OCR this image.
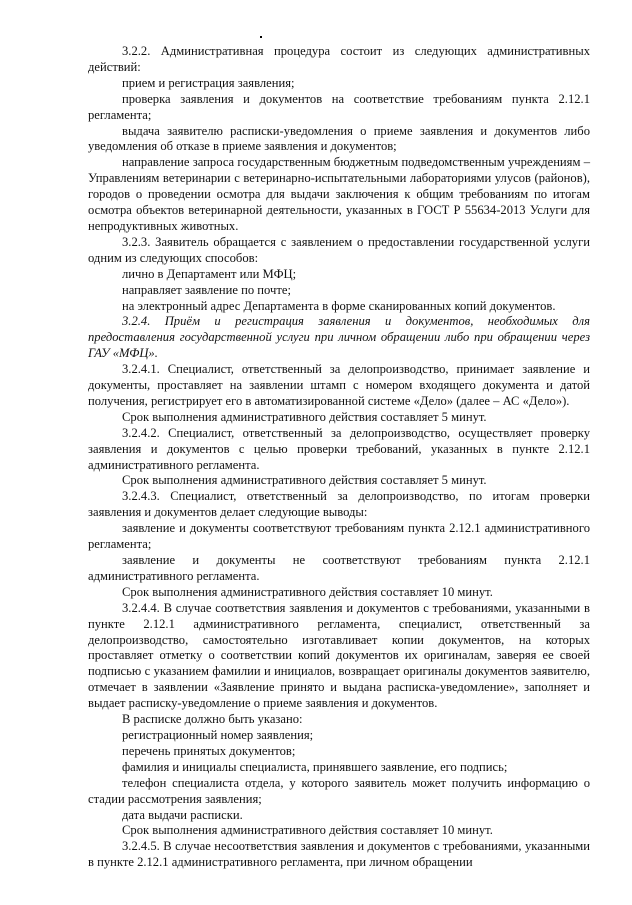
3.2.2. Административная процедура состоит из следующих административных действий:

прием и регистрация заявления;

проверка заявления и документов на соответствие требованиям пункта 2.12.1 регламента;

выдача заявителю расписки-уведомления о приеме заявления и документов либо уведомления об отказе в приеме заявления и документов;

направление запроса государственным бюджетным подведомственным учреждениям – Управлениям ветеринарии с ветеринарно-испытательными лабораториями улусов (районов), городов о проведении осмотра для выдачи заключения к общим требованиям по итогам осмотра объектов ветеринарной деятельности, указанных в ГОСТ Р 55634-2013 Услуги для непродуктивных животных.

3.2.3. Заявитель обращается с заявлением о предоставлении государственной услуги одним из следующих способов:

лично в Департамент или МФЦ;

направляет заявление по почте;

на электронный адрес Департамента в форме сканированных копий документов.

3.2.4. Приём и регистрация заявления и документов, необходимых для предоставления государственной услуги при личном обращении либо при обращении через ГАУ «МФЦ».

3.2.4.1. Специалист, ответственный за делопроизводство, принимает заявление и документы, проставляет на заявлении штамп с номером входящего документа и датой получения, регистрирует его в автоматизированной системе «Дело» (далее – АС «Дело»).

Срок выполнения административного действия составляет 5 минут.

3.2.4.2. Специалист, ответственный за делопроизводство, осуществляет проверку заявления и документов с целью проверки требований, указанных в пункте 2.12.1 административного регламента.

Срок выполнения административного действия составляет 5 минут.

3.2.4.3. Специалист, ответственный за делопроизводство, по итогам проверки заявления и документов делает следующие выводы:

заявление и документы соответствуют требованиям пункта 2.12.1 административного регламента;

заявление и документы не соответствуют требованиям пункта 2.12.1 административного регламента.

Срок выполнения административного действия составляет 10 минут.

3.2.4.4. В случае соответствия заявления и документов с требованиями, указанными в пункте 2.12.1 административного регламента, специалист, ответственный за делопроизводство, самостоятельно изготавливает копии документов, на которых проставляет отметку о соответствии копий документов их оригиналам, заверяя ее своей подписью с указанием фамилии и инициалов, возвращает оригиналы документов заявителю, отмечает в заявлении «Заявление принято и выдана расписка-уведомление», заполняет и выдает расписку-уведомление о приеме заявления и документов.

В расписке должно быть указано:

регистрационный номер заявления;

перечень принятых документов;

фамилия и инициалы специалиста, принявшего заявление, его подпись;

телефон специалиста отдела, у которого заявитель может получить информацию о стадии рассмотрения заявления;

дата выдачи расписки.

Срок выполнения административного действия составляет 10 минут.

3.2.4.5. В случае несоответствия заявления и документов с требованиями, указанными в пункте 2.12.1 административного регламента, при личном обращении
